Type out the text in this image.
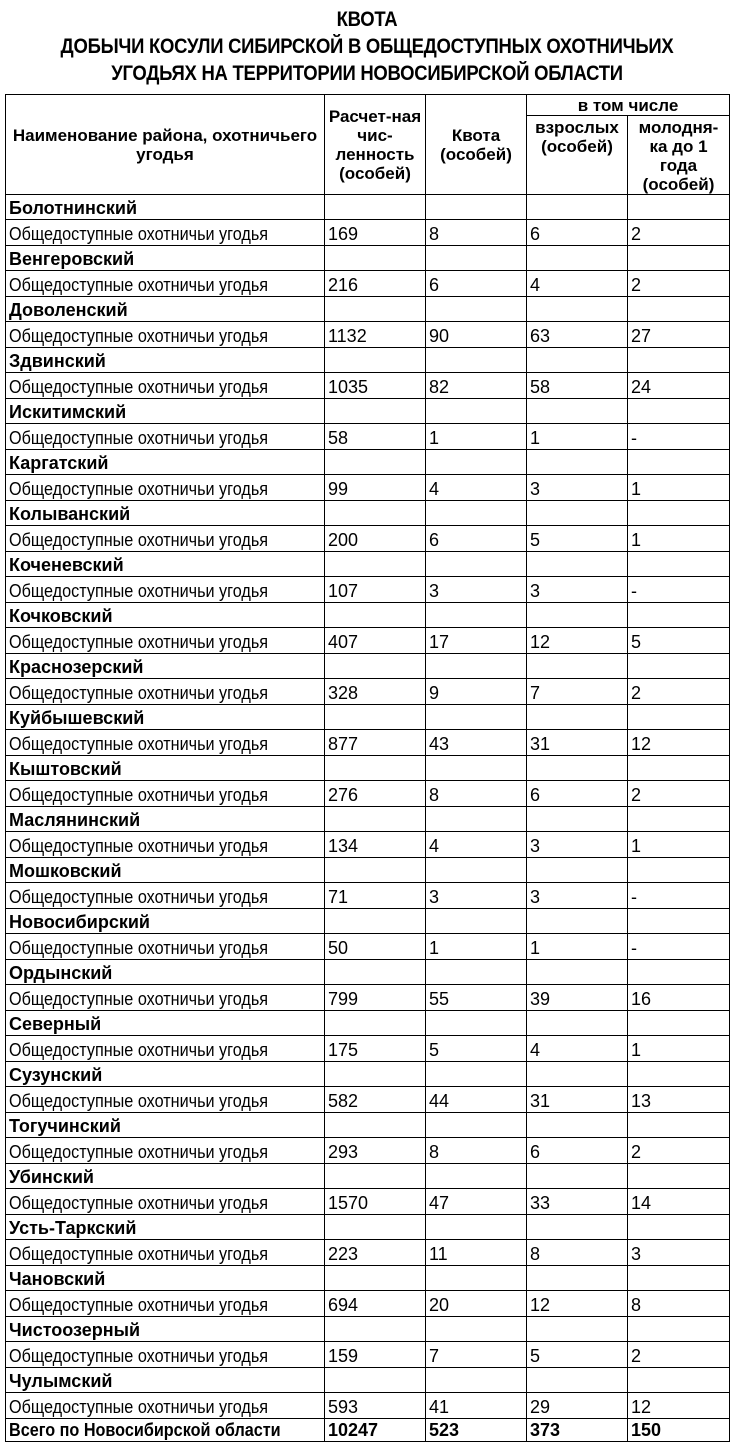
КВОТА
ДОБЫЧИ КОСУЛИ СИБИРСКОЙ В ОБЩЕДОСТУПНЫХ ОХОТНИЧЬИХ
УГОДЬЯХ НА ТЕРРИТОРИИ НОВОСИБИРСКОЙ ОБЛАСТИ
Наименование района, охотничьего угодья	Расчет-ная чис-ленность (особей)	Квота (особей)	в том числе	
			взрослых (особей)	молодня-ка до 1 года (особей)
Болотнинский				
Общедоступные охотничьи угодья	169	8	6	2
Венгеровский				
Общедоступные охотничьи угодья	216	6	4	2
Доволенский				
Общедоступные охотничьи угодья	1132	90	63	27
Здвинский				
Общедоступные охотничьи угодья	1035	82	58	24
Искитимский				
Общедоступные охотничьи угодья	58	1	1	-
Каргатский				
Общедоступные охотничьи угодья	99	4	3	1
Колыванский				
Общедоступные охотничьи угодья	200	6	5	1
Коченевский				
Общедоступные охотничьи угодья	107	3	3	-
Кочковский				
Общедоступные охотничьи угодья	407	17	12	5
Краснозерский				
Общедоступные охотничьи угодья	328	9	7	2
Куйбышевский				
Общедоступные охотничьи угодья	877	43	31	12
Кыштовский				
Общедоступные охотничьи угодья	276	8	6	2
Маслянинский				
Общедоступные охотничьи угодья	134	4	3	1
Мошковский				
Общедоступные охотничьи угодья	71	3	3	-
Новосибирский				
Общедоступные охотничьи угодья	50	1	1	-
Ордынский				
Общедоступные охотничьи угодья	799	55	39	16
Северный				
Общедоступные охотничьи угодья	175	5	4	1
Сузунский				
Общедоступные охотничьи угодья	582	44	31	13
Тогучинский				
Общедоступные охотничьи угодья	293	8	6	2
Убинский				
Общедоступные охотничьи угодья	1570	47	33	14
Усть-Таркский				
Общедоступные охотничьи угодья	223	11	8	3
Чановский				
Общедоступные охотничьи угодья	694	20	12	8
Чистоозерный				
Общедоступные охотничьи угодья	159	7	5	2
Чулымский				
Общедоступные охотничьи угодья	593	41	29	12
Всего по Новосибирской области	10247	523	373	150
